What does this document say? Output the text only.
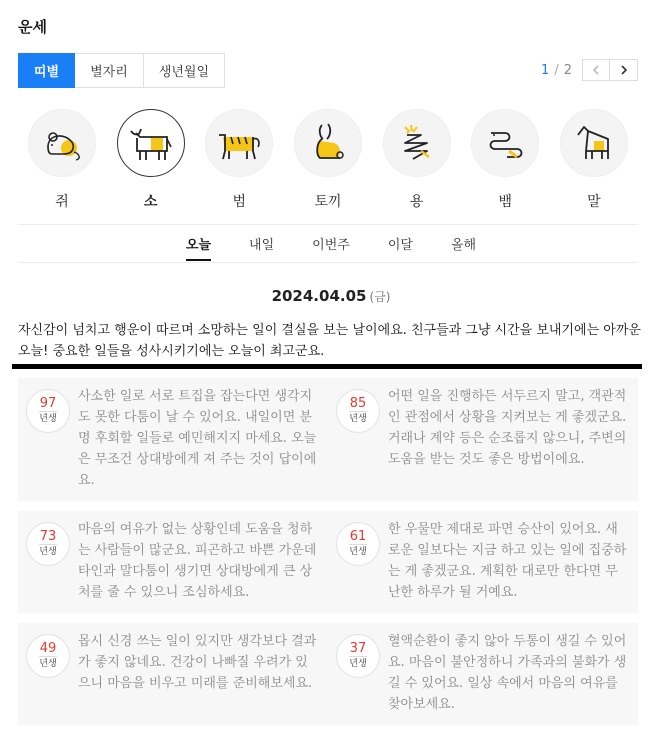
운세
띠별	별자리	생년월일	1 / 2
쥐	소	범	토끼	용	뱀	말
오늘	내일	이번주	이달	올해
2024.04.05 (금)
자신감이 넘치고 행운이 따르며 소망하는 일이 결실을 보는 날이에요. 친구들과 그냥 시간을 보내기에는 아까운 오늘! 중요한 일들을 성사시키기에는 오늘이 최고군요.
97
년생
사소한 일로 서로 트집을 잡는다면 생각지도 못한 다툼이 날 수 있어요. 내일이면 분명 후회할 일들로 예민해지지 마세요. 오늘은 무조건 상대방에게 져 주는 것이 답이에요.
85
년생
어떤 일을 진행하든 서두르지 말고, 객관적인 관점에서 상황을 지켜보는 게 좋겠군요. 거래나 계약 등은 순조롭지 않으니, 주변의 도움을 받는 것도 좋은 방법이에요.
73
년생
마음의 여유가 없는 상황인데 도움을 청하는 사람들이 많군요. 피곤하고 바쁜 가운데 타인과 말다툼이 생기면 상대방에게 큰 상처를 줄 수 있으니 조심하세요.
61
년생
한 우물만 제대로 파면 승산이 있어요. 새로운 일보다는 지금 하고 있는 일에 집중하는 게 좋겠군요. 계획한 대로만 한다면 무난한 하루가 될 거예요.
49
년생
몹시 신경 쓰는 일이 있지만 생각보다 결과가 좋지 않네요. 건강이 나빠질 우려가 있으니 마음을 비우고 미래를 준비해보세요.
37
년생
혈액순환이 좋지 않아 두통이 생길 수 있어요. 마음이 불안정하니 가족과의 불화가 생길 수 있어요. 일상 속에서 마음의 여유를 찾아보세요.
